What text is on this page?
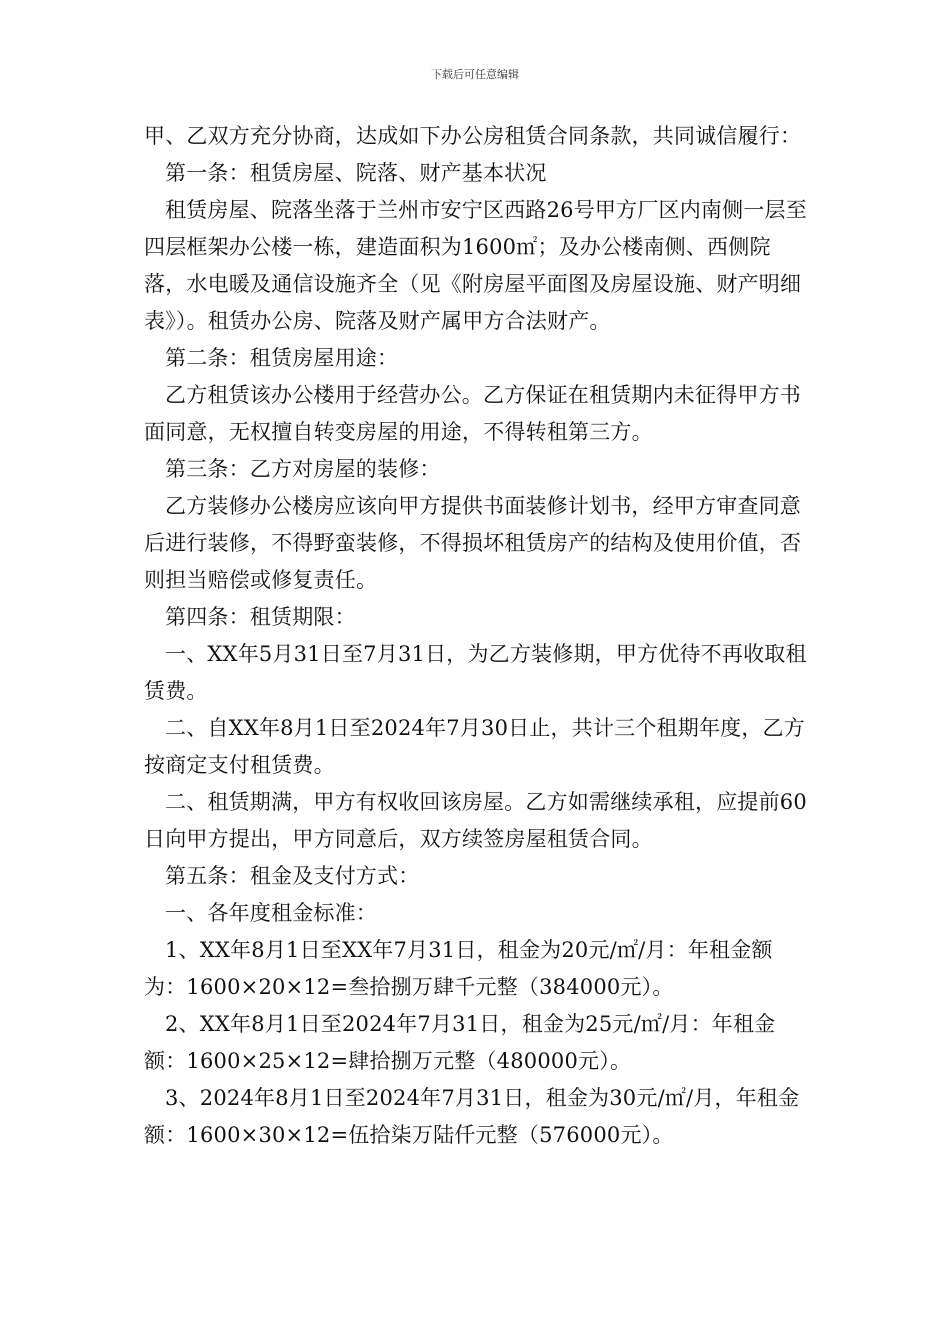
下载后可任意编辑

甲、乙双方充分协商，达成如下办公房租赁合同条款，共同诚信履行：

第一条：租赁房屋、院落、财产基本状况

租赁房屋、院落坐落于兰州市安宁区西路26号甲方厂区内南侧一层至四层框架办公楼一栋，建造面积为1600㎡；及办公楼南侧、西侧院落，水电暖及通信设施齐全（见《附房屋平面图及房屋设施、财产明细表》）。租赁办公房、院落及财产属甲方合法财产。

第二条：租赁房屋用途：

乙方租赁该办公楼用于经营办公。乙方保证在租赁期内未征得甲方书面同意，无权擅自转变房屋的用途，不得转租第三方。

第三条：乙方对房屋的装修：

乙方装修办公楼房应该向甲方提供书面装修计划书，经甲方审查同意后进行装修，不得野蛮装修，不得损坏租赁房产的结构及使用价值，否则担当赔偿或修复责任。

第四条：租赁期限：

一、XX年5月31日至7月31日，为乙方装修期，甲方优待不再收取租赁费。

二、自XX年8月1日至2024年7月30日止，共计三个租期年度，乙方按商定支付租赁费。

二、租赁期满，甲方有权收回该房屋。乙方如需继续承租，应提前60日向甲方提出，甲方同意后，双方续签房屋租赁合同。

第五条：租金及支付方式：

一、各年度租金标准：

1、XX年8月1日至XX年7月31日，租金为20元/㎡/月：年租金额为：1600×20×12=叁拾捌万肆千元整（384000元）。

2、XX年8月1日至2024年7月31日，租金为25元/㎡/月：年租金额：1600×25×12=肆拾捌万元整（480000元）。

3、2024年8月1日至2024年7月31日，租金为30元/㎡/月，年租金额：1600×30×12=伍拾柒万陆仟元整（576000元）。
